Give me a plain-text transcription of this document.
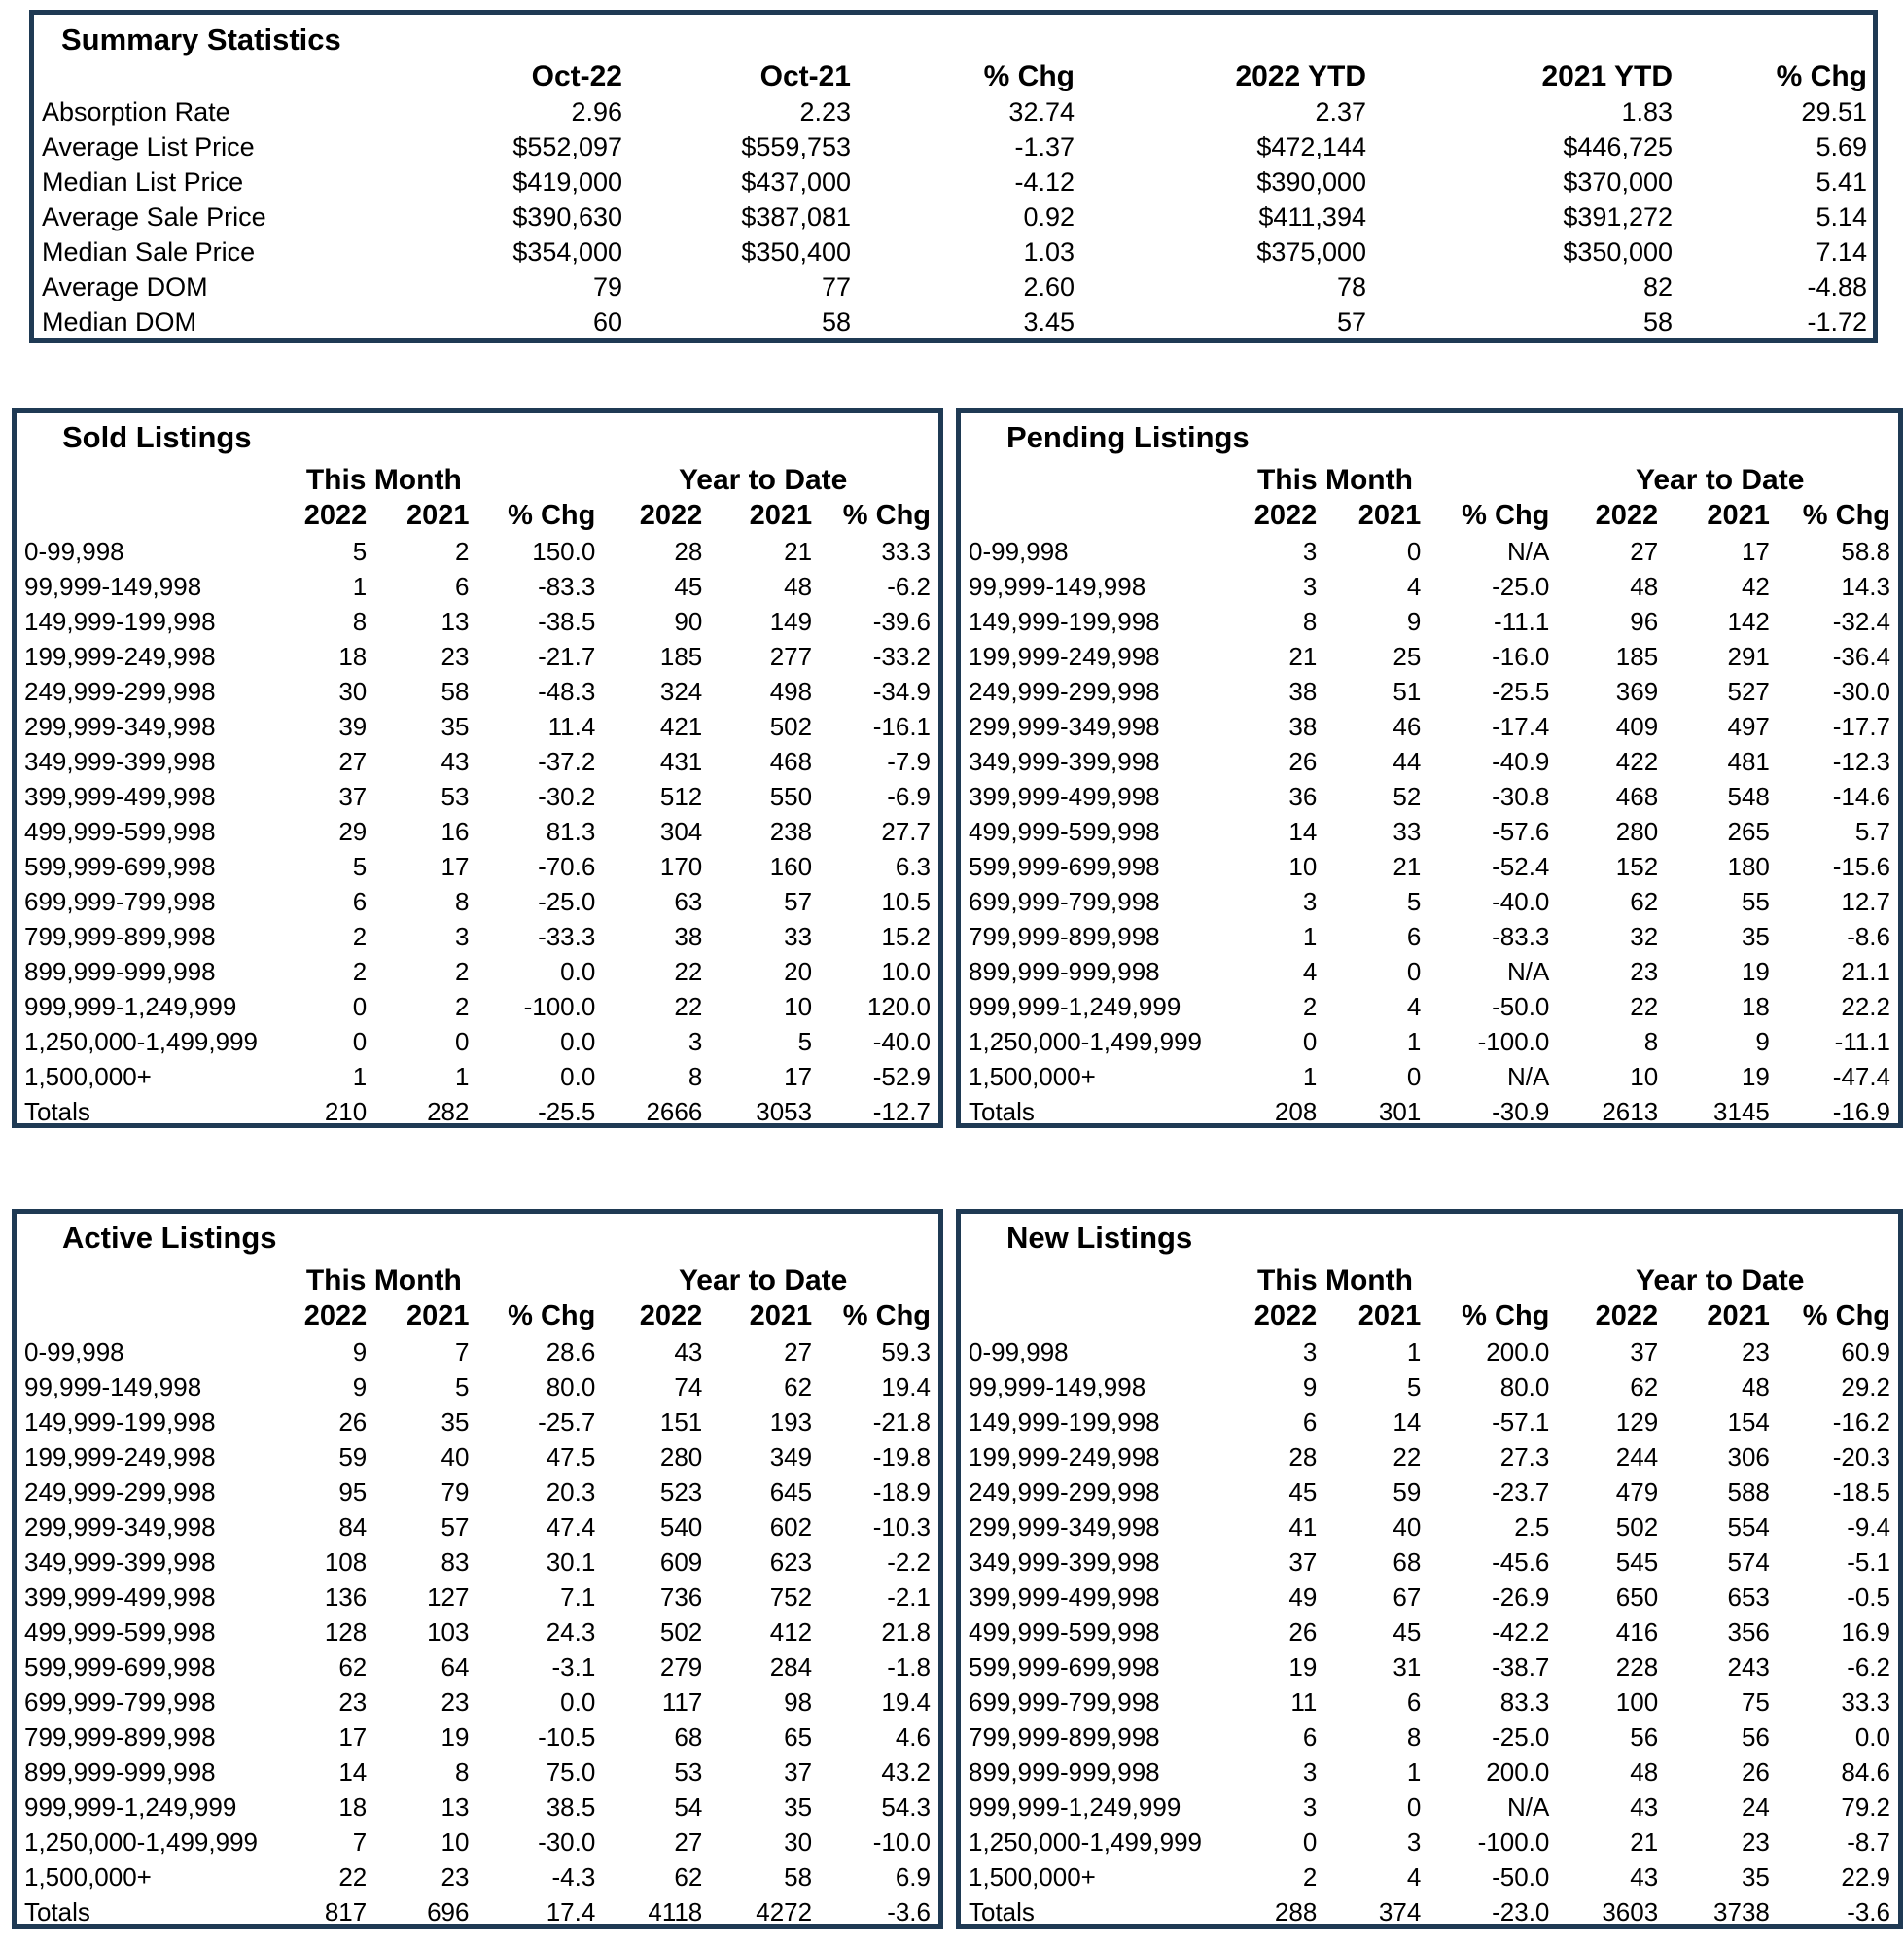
Summary Statistics
	Oct-22	Oct-21	% Chg	2022 YTD	2021 YTD	% Chg
Absorption Rate	2.96	2.23	32.74	2.37	1.83	29.51
Average List Price	$552,097	$559,753	-1.37	$472,144	$446,725	5.69
Median List Price	$419,000	$437,000	-4.12	$390,000	$370,000	5.41
Average Sale Price	$390,630	$387,081	0.92	$411,394	$391,272	5.14
Median Sale Price	$354,000	$350,400	1.03	$375,000	$350,000	7.14
Average DOM	79	77	2.60	78	82	-4.88
Median DOM	60	58	3.45	57	58	-1.72
Sold Listings
	This Month			Year to Date		
	2022	2021	% Chg	2022	2021	% Chg
0-99,998	5	2	150.0	28	21	33.3
99,999-149,998	1	6	-83.3	45	48	-6.2
149,999-199,998	8	13	-38.5	90	149	-39.6
199,999-249,998	18	23	-21.7	185	277	-33.2
249,999-299,998	30	58	-48.3	324	498	-34.9
299,999-349,998	39	35	11.4	421	502	-16.1
349,999-399,998	27	43	-37.2	431	468	-7.9
399,999-499,998	37	53	-30.2	512	550	-6.9
499,999-599,998	29	16	81.3	304	238	27.7
599,999-699,998	5	17	-70.6	170	160	6.3
699,999-799,998	6	8	-25.0	63	57	10.5
799,999-899,998	2	3	-33.3	38	33	15.2
899,999-999,998	2	2	0.0	22	20	10.0
999,999-1,249,999	0	2	-100.0	22	10	120.0
1,250,000-1,499,999	0	0	0.0	3	5	-40.0
1,500,000+	1	1	0.0	8	17	-52.9
Totals	210	282	-25.5	2666	3053	-12.7
Pending Listings
	This Month			Year to Date		
	2022	2021	% Chg	2022	2021	% Chg
0-99,998	3	0	N/A	27	17	58.8
99,999-149,998	3	4	-25.0	48	42	14.3
149,999-199,998	8	9	-11.1	96	142	-32.4
199,999-249,998	21	25	-16.0	185	291	-36.4
249,999-299,998	38	51	-25.5	369	527	-30.0
299,999-349,998	38	46	-17.4	409	497	-17.7
349,999-399,998	26	44	-40.9	422	481	-12.3
399,999-499,998	36	52	-30.8	468	548	-14.6
499,999-599,998	14	33	-57.6	280	265	5.7
599,999-699,998	10	21	-52.4	152	180	-15.6
699,999-799,998	3	5	-40.0	62	55	12.7
799,999-899,998	1	6	-83.3	32	35	-8.6
899,999-999,998	4	0	N/A	23	19	21.1
999,999-1,249,999	2	4	-50.0	22	18	22.2
1,250,000-1,499,999	0	1	-100.0	8	9	-11.1
1,500,000+	1	0	N/A	10	19	-47.4
Totals	208	301	-30.9	2613	3145	-16.9
Active Listings
	This Month			Year to Date		
	2022	2021	% Chg	2022	2021	% Chg
0-99,998	9	7	28.6	43	27	59.3
99,999-149,998	9	5	80.0	74	62	19.4
149,999-199,998	26	35	-25.7	151	193	-21.8
199,999-249,998	59	40	47.5	280	349	-19.8
249,999-299,998	95	79	20.3	523	645	-18.9
299,999-349,998	84	57	47.4	540	602	-10.3
349,999-399,998	108	83	30.1	609	623	-2.2
399,999-499,998	136	127	7.1	736	752	-2.1
499,999-599,998	128	103	24.3	502	412	21.8
599,999-699,998	62	64	-3.1	279	284	-1.8
699,999-799,998	23	23	0.0	117	98	19.4
799,999-899,998	17	19	-10.5	68	65	4.6
899,999-999,998	14	8	75.0	53	37	43.2
999,999-1,249,999	18	13	38.5	54	35	54.3
1,250,000-1,499,999	7	10	-30.0	27	30	-10.0
1,500,000+	22	23	-4.3	62	58	6.9
Totals	817	696	17.4	4118	4272	-3.6
New Listings
	This Month			Year to Date		
	2022	2021	% Chg	2022	2021	% Chg
0-99,998	3	1	200.0	37	23	60.9
99,999-149,998	9	5	80.0	62	48	29.2
149,999-199,998	6	14	-57.1	129	154	-16.2
199,999-249,998	28	22	27.3	244	306	-20.3
249,999-299,998	45	59	-23.7	479	588	-18.5
299,999-349,998	41	40	2.5	502	554	-9.4
349,999-399,998	37	68	-45.6	545	574	-5.1
399,999-499,998	49	67	-26.9	650	653	-0.5
499,999-599,998	26	45	-42.2	416	356	16.9
599,999-699,998	19	31	-38.7	228	243	-6.2
699,999-799,998	11	6	83.3	100	75	33.3
799,999-899,998	6	8	-25.0	56	56	0.0
899,999-999,998	3	1	200.0	48	26	84.6
999,999-1,249,999	3	0	N/A	43	24	79.2
1,250,000-1,499,999	0	3	-100.0	21	23	-8.7
1,500,000+	2	4	-50.0	43	35	22.9
Totals	288	374	-23.0	3603	3738	-3.6
